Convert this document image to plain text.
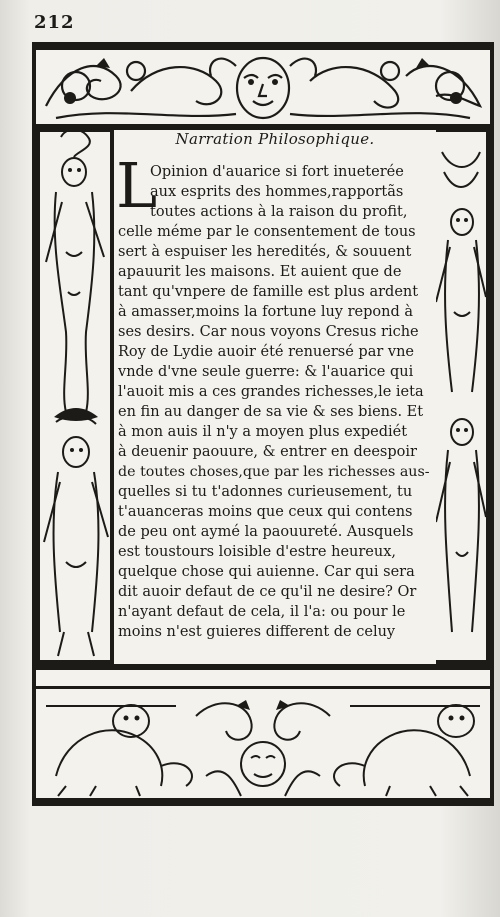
212
Narration Philosophique.
L
Opinion d'auarice si fort inueterée
aux esprits des hommes,rapportãs
toutes actions à la raison du profit,
celle méme par le consentement de tous
sert à espuiser les heredités, & souuent
apauurit les maisons. Et auient que de
tant qu'vnpere de famille est plus ardent
à amasser,moins la fortune luy repond à
ses desirs. Car nous voyons Cresus riche
Roy de Lydie auoir été renuersé par vne
vnde d'vne seule guerre: & l'auarice qui
l'auoit mis a ces grandes richesses,le ieta
en fin au danger de sa vie & ses biens. Et
à mon auis il n'y a moyen plus expediét
à deuenir paouure, & entrer en deespoir
de toutes choses,que par les richesses aus-
quelles si tu t'adonnes curieusement, tu
t'auanceras moins que ceux qui contens
de peu ont aymé la paouureté. Ausquels
est toustours loisible d'estre heureux,
quelque chose qui auienne. Car qui sera
dit auoir defaut de ce qu'il ne desire? Or
n'ayant defaut de cela, il l'a: ou pour le
moins n'est guieres different de celuy
